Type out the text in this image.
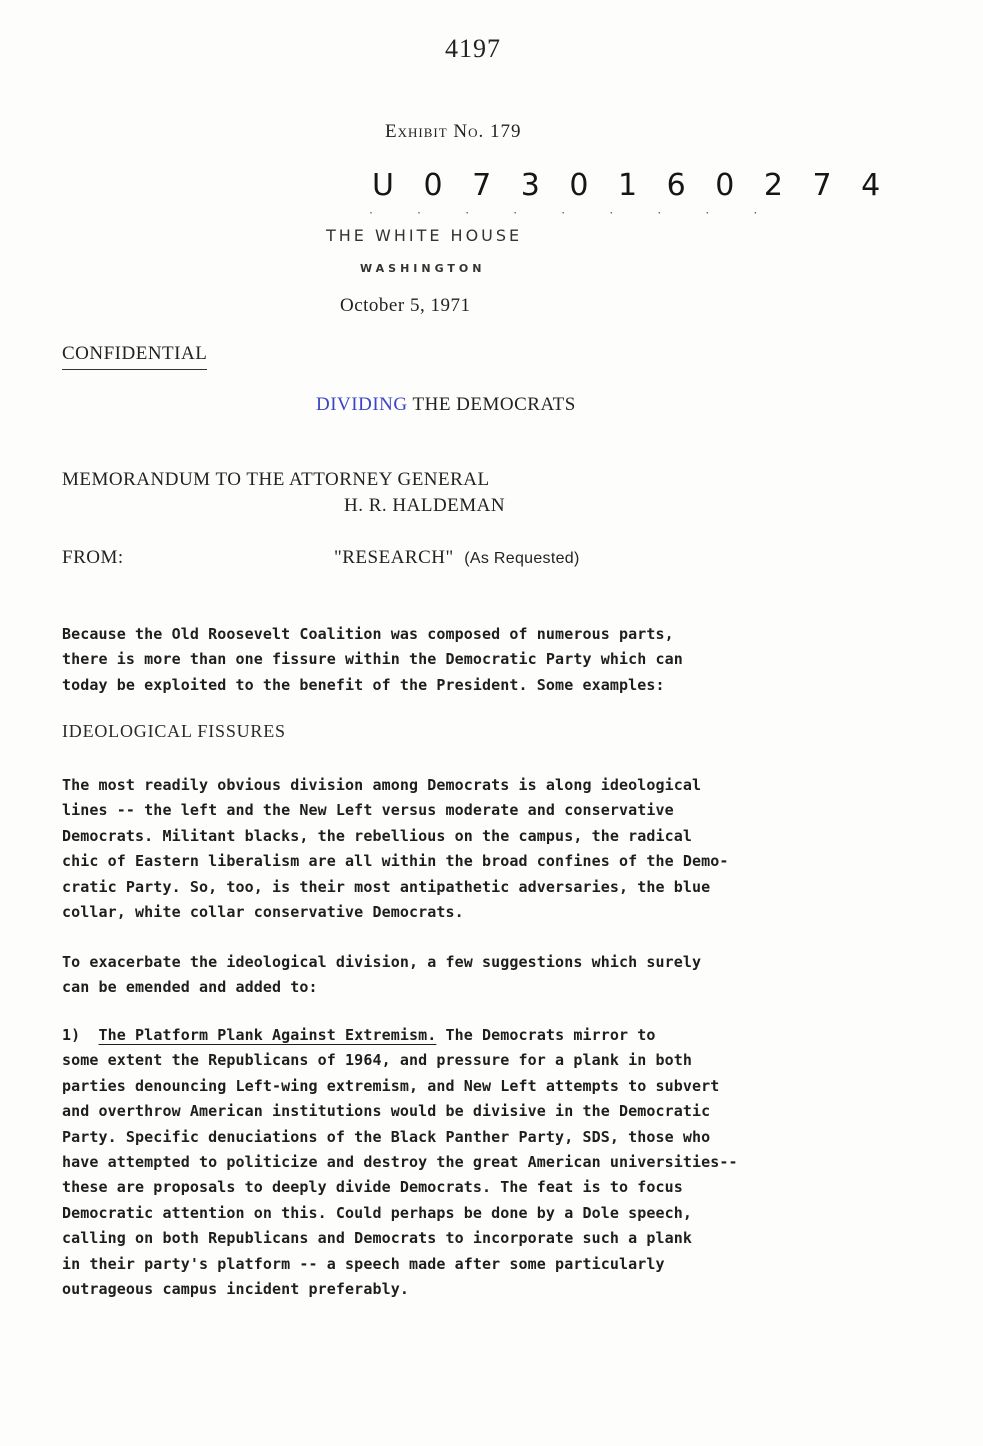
4197
Exhibit No. 179
U 0 7 3 0 1 6 0 2 7 4
· · · · · · · · ·
THE WHITE HOUSE
WASHINGTON
October 5, 1971
CONFIDENTIAL
DIVIDING THE DEMOCRATS
MEMORANDUM TO THE ATTORNEY GENERAL
H. R. HALDEMAN
FROM:	"RESEARCH" (As Requested)
Because the Old Roosevelt Coalition was composed of numerous parts,
there is more than one fissure within the Democratic Party which can
today be exploited to the benefit of the President. Some examples:
IDEOLOGICAL FISSURES
The most readily obvious division among Democrats is along ideological
lines -- the left and the New Left versus moderate and conservative
Democrats. Militant blacks, the rebellious on the campus, the radical
chic of Eastern liberalism are all within the broad confines of the Demo-
cratic Party. So, too, is their most antipathetic adversaries, the blue
collar, white collar conservative Democrats.
To exacerbate the ideological division, a few suggestions which surely
can be emended and added to:
1) The Platform Plank Against Extremism. The Democrats mirror to
some extent the Republicans of 1964, and pressure for a plank in both
parties denouncing Left-wing extremism, and New Left attempts to subvert
and overthrow American institutions would be divisive in the Democratic
Party. Specific denuciations of the Black Panther Party, SDS, those who
have attempted to politicize and destroy the great American universities--
these are proposals to deeply divide Democrats. The feat is to focus
Democratic attention on this. Could perhaps be done by a Dole speech,
calling on both Republicans and Democrats to incorporate such a plank
in their party's platform -- a speech made after some particularly
outrageous campus incident preferably.
